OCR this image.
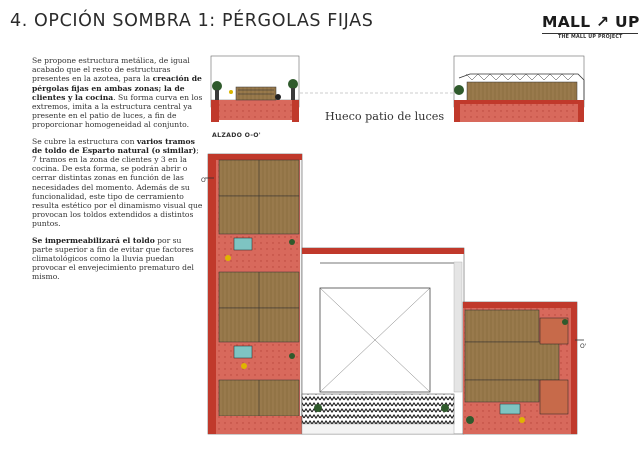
4. OPCIÓN SOMBRA 1: PÉRGOLAS FIJAS	MALL ↗ UP
THE MALL UP PROJECT

Se propone estructura metálica, de igual acabado que el resto de estructuras presentes en la azotea, para la creación de pérgolas fijas en ambas zonas; la de clientes y la cocina. Su forma curva en los extremos, imita a la estructura central ya presente en el patio de luces, a fin de proporcionar homogeneidad al conjunto.

Se cubre la estructura con varios tramos de toldo de Esparto natural (o similar); 7 tramos en la zona de clientes y 3 en la cocina. De esta forma, se podrán abrir o cerrar distintas zonas en función de las necesidades del momento. Además de su funcionalidad, este tipo de cerramiento resulta estético por el dinamismo visual que provocan los toldos extendidos a distintos puntos.

Se impermeabilizará el toldo por su parte superior a fin de evitar que factores climatológicos como la lluvia puedan provocar el envejecimiento prematuro del mismo.

Hueco patio de luces
ALZADO O-O'
O
O'
